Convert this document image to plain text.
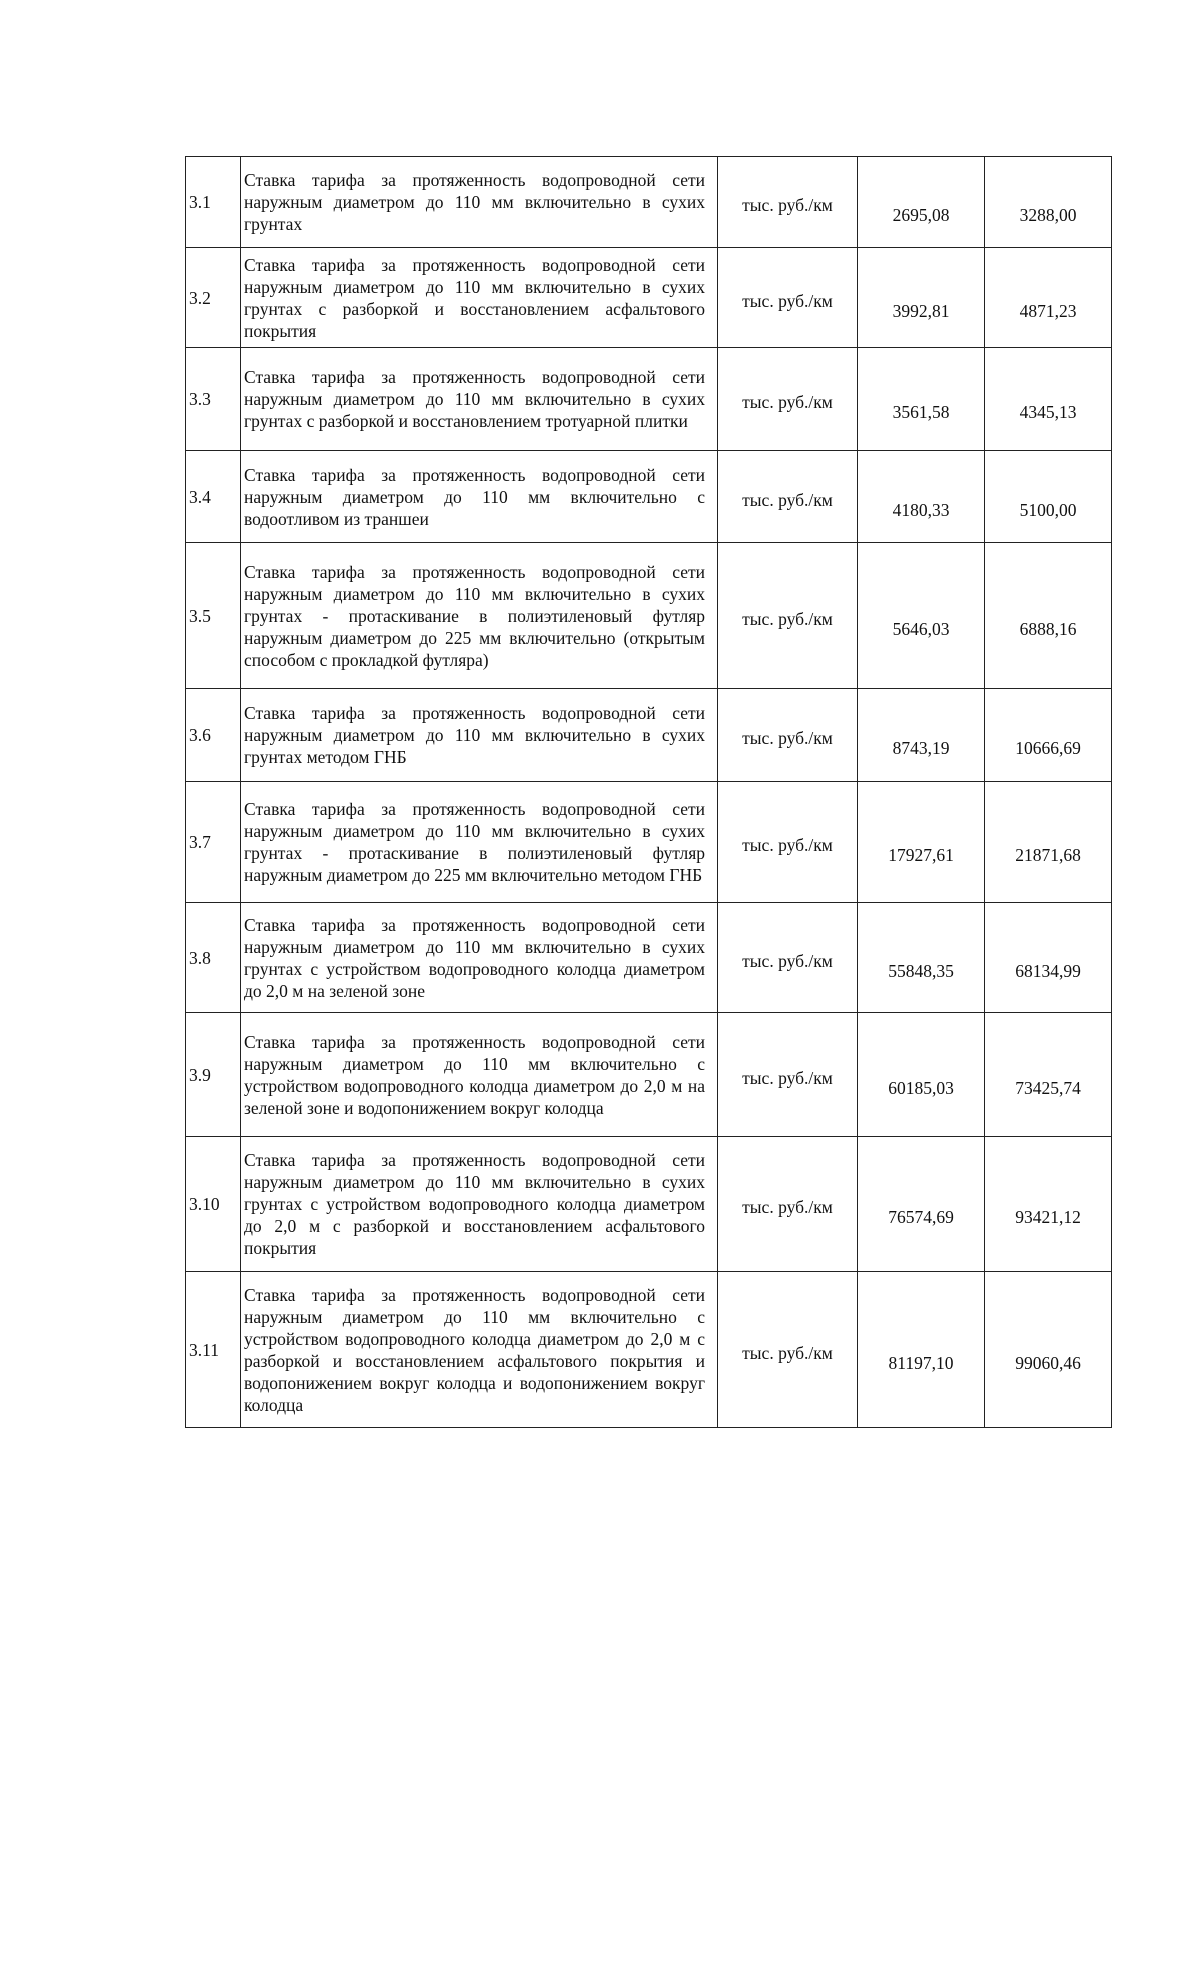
3.1	Ставка тарифа за протяженность водопроводной сети наружным диаметром до 110 мм включительно в сухих грунтах	тыс. руб./км	2695,08	3288,00
3.2	Ставка тарифа за протяженность водопроводной сети наружным диаметром до 110 мм включительно в сухих грунтах с разборкой и восстановлением асфальтового покрытия	тыс. руб./км	3992,81	4871,23
3.3	Ставка тарифа за протяженность водопроводной сети наружным диаметром до 110 мм включительно в сухих грунтах с разборкой и восстановлением тротуарной плитки	тыс. руб./км	3561,58	4345,13
3.4	Ставка тарифа за протяженность водопроводной сети наружным диаметром до 110 мм включительно с водоотливом из траншеи	тыс. руб./км	4180,33	5100,00
3.5	Ставка тарифа за протяженность водопроводной сети наружным диаметром до 110 мм включительно в сухих грунтах - протаскивание в полиэтиленовый футляр наружным диаметром до 225 мм включительно (открытым способом с прокладкой футляра)	тыс. руб./км	5646,03	6888,16
3.6	Ставка тарифа за протяженность водопроводной сети наружным диаметром до 110 мм включительно в сухих грунтах методом ГНБ	тыс. руб./км	8743,19	10666,69
3.7	Ставка тарифа за протяженность водопроводной сети наружным диаметром до 110 мм включительно в сухих грунтах - протаскивание в полиэтиленовый футляр наружным диаметром до 225 мм включительно методом ГНБ	тыс. руб./км	17927,61	21871,68
3.8	Ставка тарифа за протяженность водопроводной сети наружным диаметром до 110 мм включительно в сухих грунтах с устройством водопроводного колодца диаметром до 2,0 м на зеленой зоне	тыс. руб./км	55848,35	68134,99
3.9	Ставка тарифа за протяженность водопроводной сети наружным диаметром до 110 мм включительно с устройством водопроводного колодца диаметром до 2,0 м на зеленой зоне и водопонижением вокруг колодца	тыс. руб./км	60185,03	73425,74
3.10	Ставка тарифа за протяженность водопроводной сети наружным диаметром до 110 мм включительно в сухих грунтах с устройством водопроводного колодца диаметром до 2,0 м с разборкой и восстановлением асфальтового покрытия	тыс. руб./км	76574,69	93421,12
3.11	Ставка тарифа за протяженность водопроводной сети наружным диаметром до 110 мм включительно с устройством водопроводного колодца диаметром до 2,0 м с разборкой и восстановлением асфальтового покрытия и водопонижением вокруг колодца и водопонижением вокруг колодца	тыс. руб./км	81197,10	99060,46
